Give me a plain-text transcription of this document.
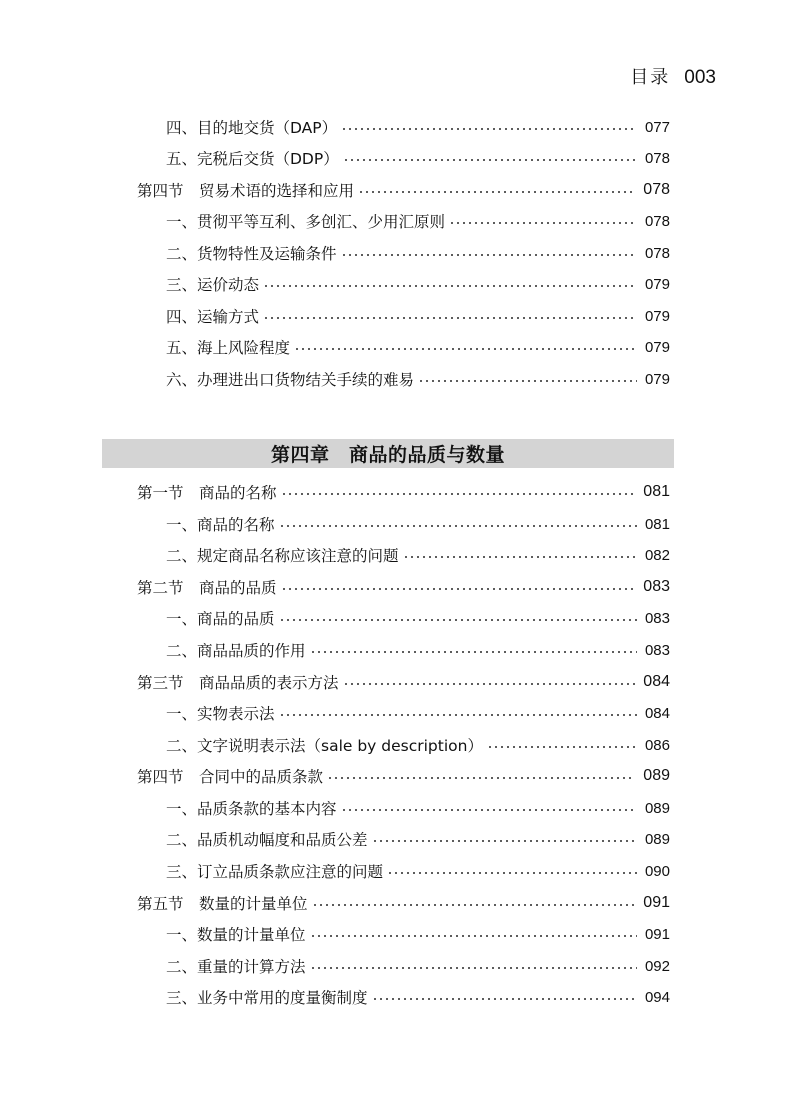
目录 003
四、目的地交货（DAP）	077
五、完税后交货（DDP）	078
第四节　贸易术语的选择和应用	078
一、贯彻平等互利、多创汇、少用汇原则	078
二、货物特性及运输条件	078
三、运价动态	079
四、运输方式	079
五、海上风险程度	079
六、办理进出口货物结关手续的难易	079
第四章　商品的品质与数量
第一节　商品的名称	081
一、商品的名称	081
二、规定商品名称应该注意的问题	082
第二节　商品的品质	083
一、商品的品质	083
二、商品品质的作用	083
第三节　商品品质的表示方法	084
一、实物表示法	084
二、文字说明表示法（sale by description）	086
第四节　合同中的品质条款	089
一、品质条款的基本内容	089
二、品质机动幅度和品质公差	089
三、订立品质条款应注意的问题	090
第五节　数量的计量单位	091
一、数量的计量单位	091
二、重量的计算方法	092
三、业务中常用的度量衡制度	094
